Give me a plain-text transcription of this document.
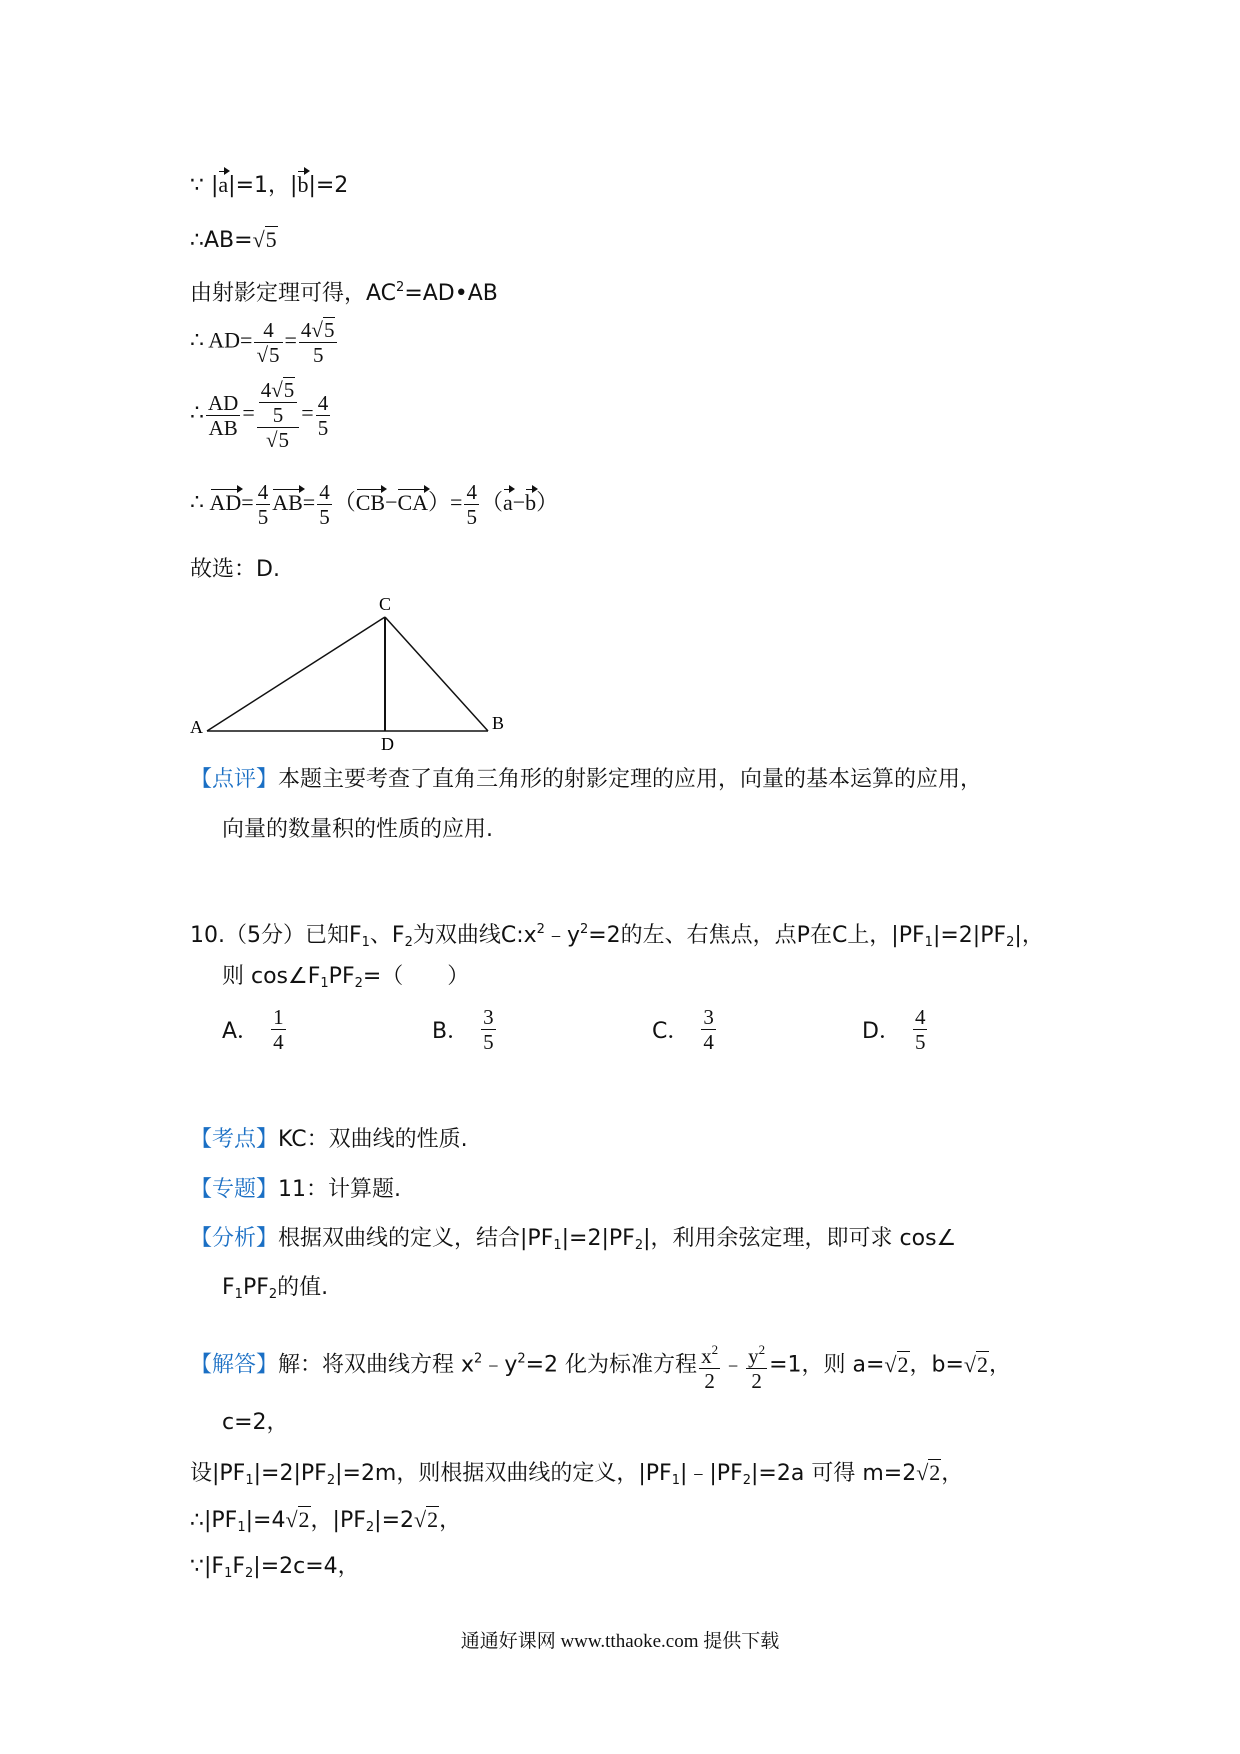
∵ |a|=1，|b|=2
∴AB=√5
由射影定理可得，$AC^2=AD•AB$
∴ $AD= \frac{4}{√5} = \frac{4√5}{5}$
∴ $\frac{AD}{AB} = \frac{\frac{4√5}{5}}{√5} = \frac{4}{5}$
∴ $AD= \frac{4}{5} AB= \frac{4}{5} (CB-CA)= \frac{4}{5} (a-b)$
故选：D.
A	B
C
D
【点评】本题主要考查了直角三角形的射影定理的应用，向量的基本运算的应用，
向量的数量积的性质的应用.
10.（5分）已知$F_1$、$F_2$为双曲线$C:x^2﹣y^2=2$的左、右焦点，点P在C上，$|PF_1|=2|PF_2|$，
则 $\cos\angle F_1PF_2=$（　　）
A． $\frac{1}{4}$	B． $\frac{3}{5}$	C． $\frac{3}{4}$	D． $\frac{4}{5}$
【考点】KC：双曲线的性质.
【专题】11：计算题.
【分析】根据双曲线的定义，结合$|PF_1|=2|PF_2|$，利用余弦定理，即可求 cos∠
$F_1PF_2$的值.
【解答】解：将双曲线方程 $x^2﹣y^2=2$ 化为标准方程 $\frac{x^2}{2}$ ﹣ $\frac{y^2}{2} =1$，则 a=√2，b=√2，
c=2，
设$|PF_1|=2|PF_2|=2m$，则根据双曲线的定义，$|PF_1|﹣|PF_2|=2a$ 可得 m=2√2，
$\therefore|PF_1|=4√2$，$|PF_2|=2√2$，
$\because|F_1F_2|=2c=4$，
通通好课网 www.tthaoke.com 提供下载
